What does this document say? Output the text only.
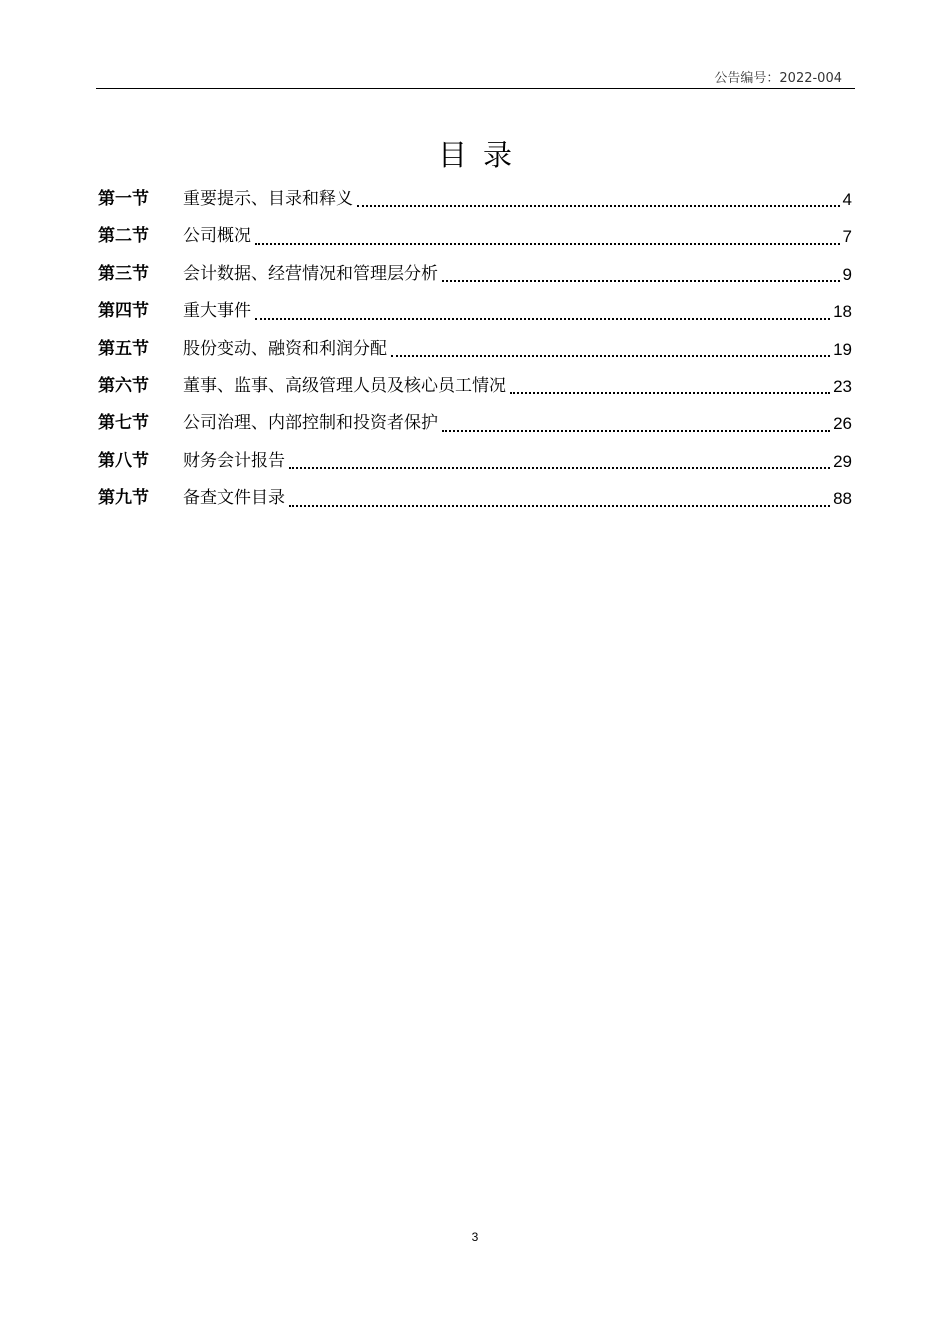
公告编号：2022-004
目录
第一节	重要提示、目录和释义	4
第二节	公司概况	7
第三节	会计数据、经营情况和管理层分析	9
第四节	重大事件	18
第五节	股份变动、融资和利润分配	19
第六节	董事、监事、高级管理人员及核心员工情况	23
第七节	公司治理、内部控制和投资者保护	26
第八节	财务会计报告	29
第九节	备查文件目录	88
3
